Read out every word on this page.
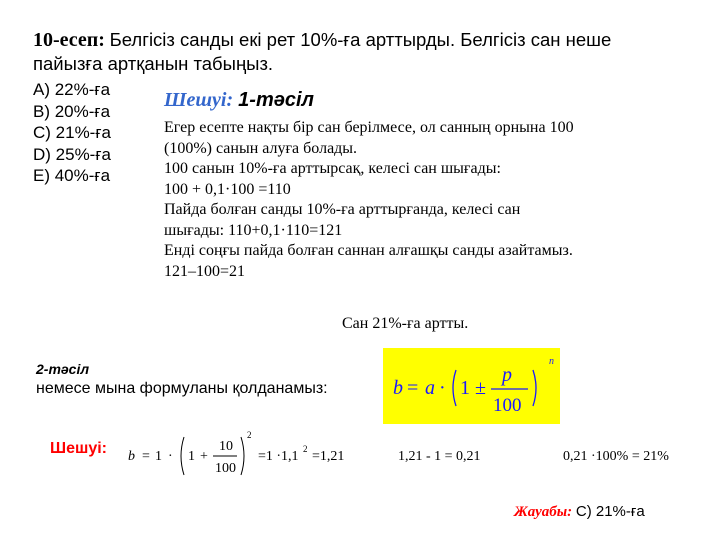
10-есеп: Белгісіз санды екі рет 10%-ға арттырды. Белгісіз сан неше
пайызға артқанын табыңыз.
А) 22%-ға
В) 20%-ға
С) 21%-ға
D) 25%-ға
Е) 40%-ға
Шешуі: 1-тәсіл
Егер есепте нақты бір сан берілмесе, ол санның орнына 100
(100%) санын алуға болады.
100 санын 10%-ға арттырсақ, келесі сан шығады:
100 + 0,1·100 =110
Пайда болған санды 10%-ға арттырғанда, келесі сан
шығады: 110+0,1·110=121
Енді соңғы пайда болған саннан алғашқы санды азайтамыз.
121–100=21
Сан 21%-ға артты.
2-тәсіл
немесе мына формуланы қолданамыз:	b = a · 1 ±
p
100
n
Шешуі: b = 1 · 1 +
10
100
2
=1 ·1,1 2 =1,21	1,21 - 1 = 0,21	0,21 ·100% = 21%
Жауабы: С) 21%-ға
